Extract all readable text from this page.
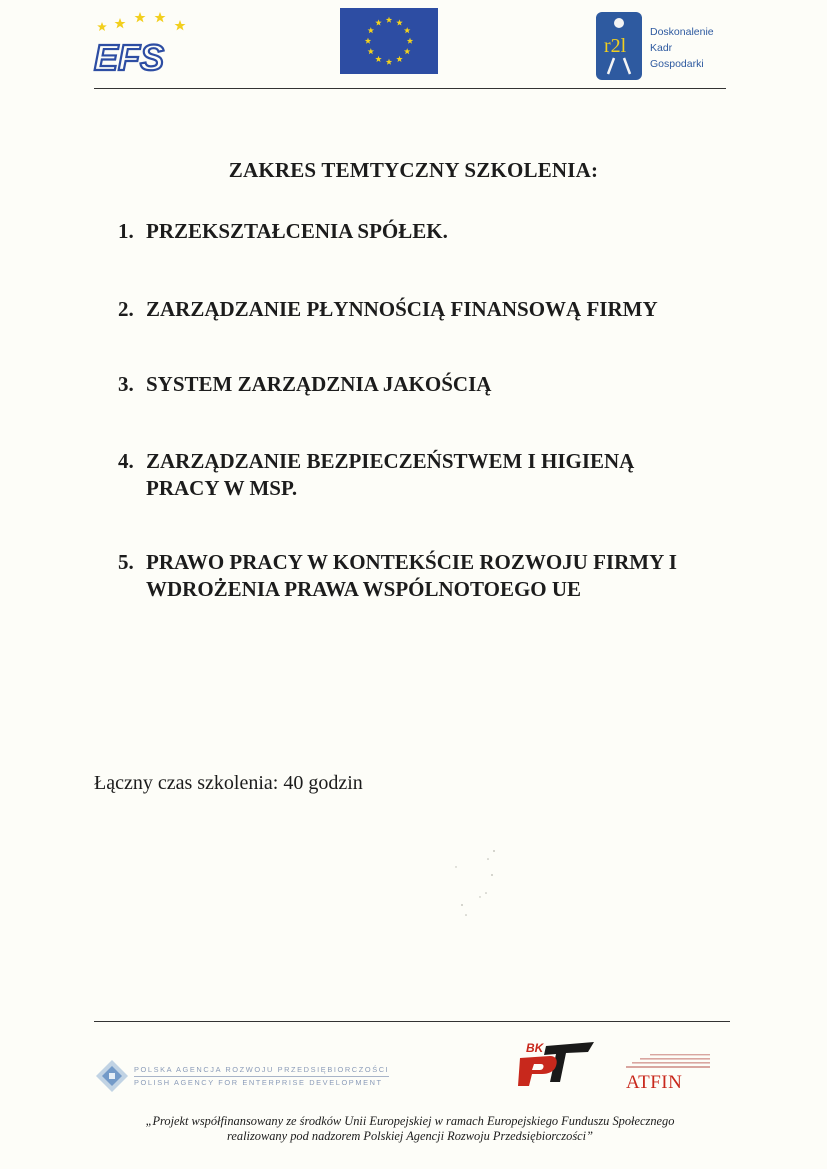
EFS	r2l
Doskonalenie
Kadr
Gospodarki
ZAKRES TEMTYCZNY SZKOLENIA:
1. PRZEKSZTAŁCENIA SPÓŁEK.
2. ZARZĄDZANIE PŁYNNOŚCIĄ FINANSOWĄ FIRMY
3. SYSTEM ZARZĄDZNIA JAKOŚCIĄ
4. ZARZĄDZANIE BEZPIECZEŃSTWEM I HIGIENĄ PRACY W MSP.
5. PRAWO PRACY W KONTEKŚCIE ROZWOJU FIRMY I WDROŻENIA PRAWA WSPÓLNOTOEGO UE
Łączny czas szkolenia: 40 godzin
POLSKA AGENCJA ROZWOJU PRZEDSIĘBIORCZOŚCI
POLISH AGENCY FOR ENTERPRISE DEVELOPMENT
BK
ATFIN
„Projekt współfinansowany ze środków Unii Europejskiej w ramach Europejskiego Funduszu Społecznego
realizowany pod nadzorem Polskiej Agencji Rozwoju Przedsiębiorczości”
